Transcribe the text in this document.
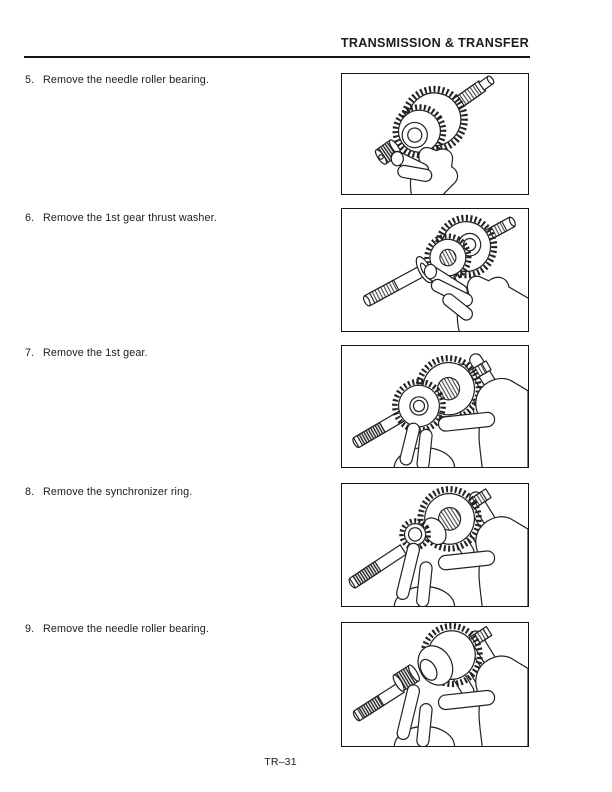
TRANSMISSION & TRANSFER
5. Remove the needle roller bearing.
6. Remove the 1st gear thrust washer.
7. Remove the 1st gear.
8. Remove the synchronizer ring.
9. Remove the needle roller bearing.
TR–31
